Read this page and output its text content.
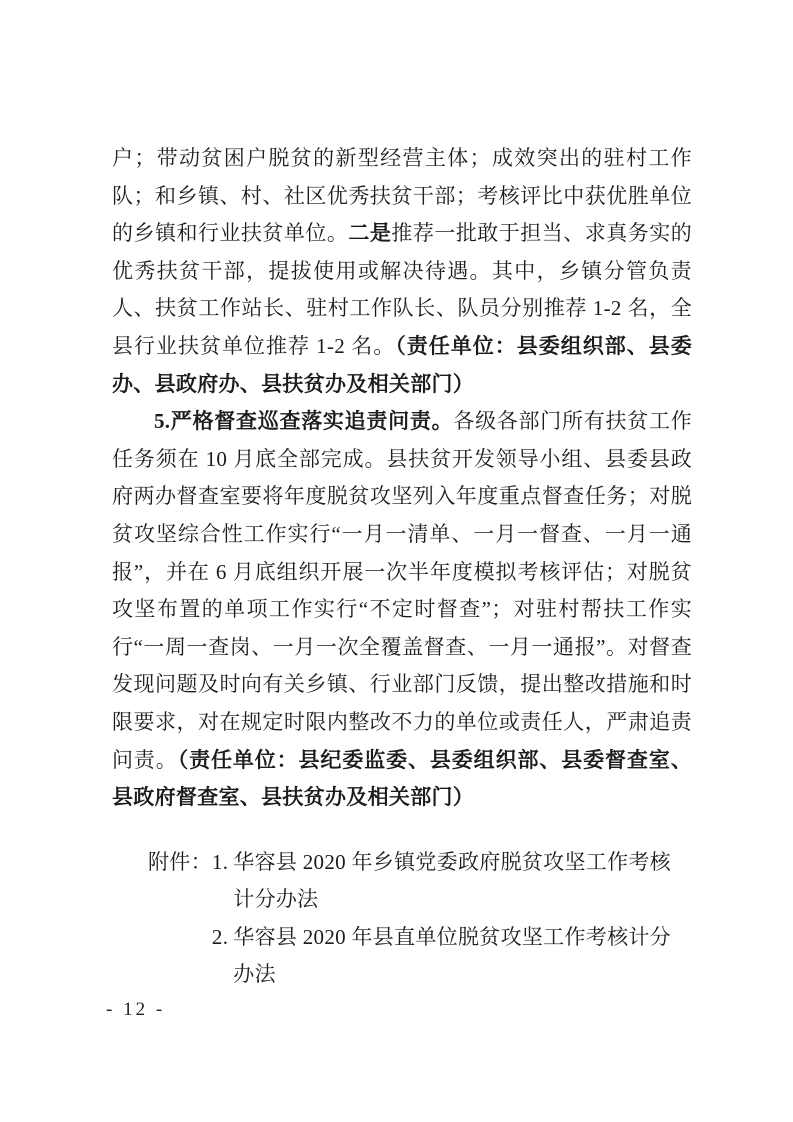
户；带动贫困户脱贫的新型经营主体；成效突出的驻村工作队；和乡镇、村、社区优秀扶贫干部；考核评比中获优胜单位的乡镇和行业扶贫单位。二是推荐一批敢于担当、求真务实的优秀扶贫干部，提拔使用或解决待遇。其中，乡镇分管负责人、扶贫工作站长、驻村工作队长、队员分别推荐 1-2 名，全县行业扶贫单位推荐 1-2 名。（责任单位：县委组织部、县委办、县政府办、县扶贫办及相关部门）

5.严格督查巡查落实追责问责。各级各部门所有扶贫工作任务须在 10 月底全部完成。县扶贫开发领导小组、县委县政府两办督查室要将年度脱贫攻坚列入年度重点督查任务；对脱贫攻坚综合性工作实行“一月一清单、一月一督查、一月一通报”，并在 6 月底组织开展一次半年度模拟考核评估；对脱贫攻坚布置的单项工作实行“不定时督查”；对驻村帮扶工作实行“一周一查岗、一月一次全覆盖督查、一月一通报”。对督查发现问题及时向有关乡镇、行业部门反馈，提出整改措施和时限要求，对在规定时限内整改不力的单位或责任人，严肃追责问责。（责任单位：县纪委监委、县委组织部、县委督查室、县政府督查室、县扶贫办及相关部门）

附件： 1. 华容县 2020 年乡镇党委政府脱贫攻坚工作考核
计分办法
2. 华容县 2020 年县直单位脱贫攻坚工作考核计分
办法
- 12 -
